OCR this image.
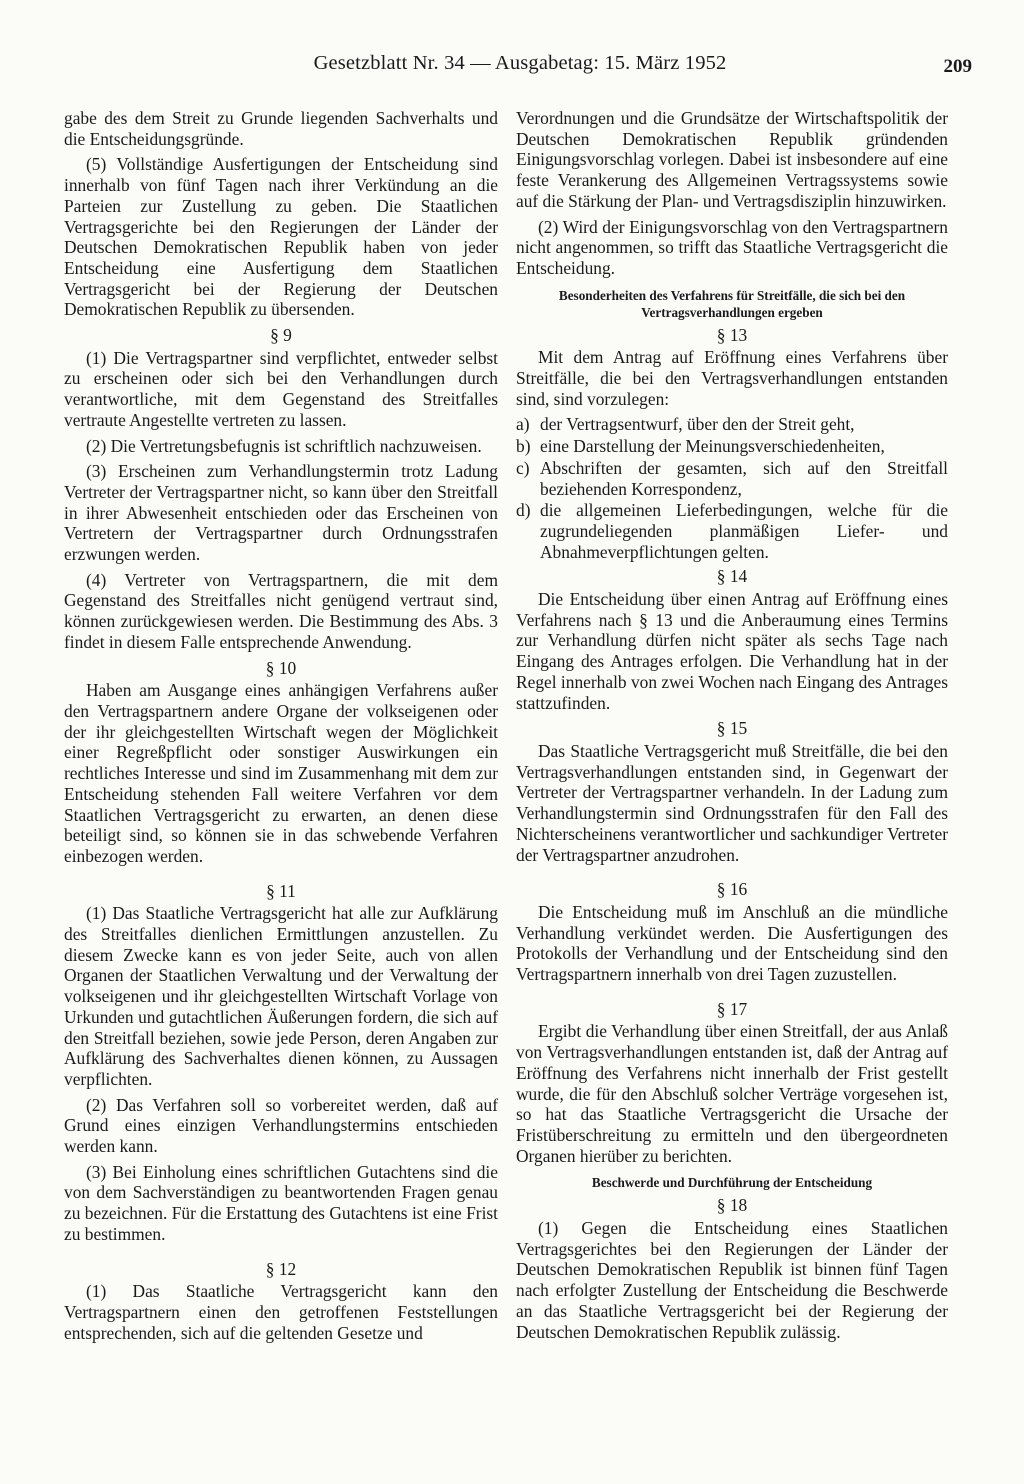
Gesetzblatt Nr. 34 — Ausgabetag: 15. März 1952	209

gabe des dem Streit zu Grunde liegenden Sachverhalts und die Entscheidungsgründe.

(5) Vollständige Ausfertigungen der Entscheidung sind innerhalb von fünf Tagen nach ihrer Verkündung an die Parteien zur Zustellung zu geben. Die Staatlichen Vertragsgerichte bei den Regierungen der Länder der Deutschen Demokratischen Republik haben von jeder Entscheidung eine Ausfertigung dem Staatlichen Vertragsgericht bei der Regierung der Deutschen Demokratischen Republik zu übersenden.

§ 9

(1) Die Vertragspartner sind verpflichtet, entweder selbst zu erscheinen oder sich bei den Verhandlungen durch verantwortliche, mit dem Gegenstand des Streitfalles vertraute Angestellte vertreten zu lassen.

(2) Die Vertretungsbefugnis ist schriftlich nachzuweisen.

(3) Erscheinen zum Verhandlungstermin trotz Ladung Vertreter der Vertragspartner nicht, so kann über den Streitfall in ihrer Abwesenheit entschieden oder das Erscheinen von Vertretern der Vertragspartner durch Ordnungsstrafen erzwungen werden.

(4) Vertreter von Vertragspartnern, die mit dem Gegenstand des Streitfalles nicht genügend vertraut sind, können zurückgewiesen werden. Die Bestimmung des Abs. 3 findet in diesem Falle entsprechende Anwendung.

§ 10

Haben am Ausgange eines anhängigen Verfahrens außer den Vertragspartnern andere Organe der volkseigenen oder der ihr gleichgestellten Wirtschaft wegen der Möglichkeit einer Regreßpflicht oder sonstiger Auswirkungen ein rechtliches Interesse und sind im Zusammenhang mit dem zur Entscheidung stehenden Fall weitere Verfahren vor dem Staatlichen Vertragsgericht zu erwarten, an denen diese beteiligt sind, so können sie in das schwebende Verfahren einbezogen werden.

§ 11

(1) Das Staatliche Vertragsgericht hat alle zur Aufklärung des Streitfalles dienlichen Ermittlungen anzustellen. Zu diesem Zwecke kann es von jeder Seite, auch von allen Organen der Staatlichen Verwaltung und der Verwaltung der volkseigenen und ihr gleichgestellten Wirtschaft Vorlage von Urkunden und gutachtlichen Äußerungen fordern, die sich auf den Streitfall beziehen, sowie jede Person, deren Angaben zur Aufklärung des Sachverhaltes dienen können, zu Aussagen verpflichten.

(2) Das Verfahren soll so vorbereitet werden, daß auf Grund eines einzigen Verhandlungstermins entschieden werden kann.

(3) Bei Einholung eines schriftlichen Gutachtens sind die von dem Sachverständigen zu beantwortenden Fragen genau zu bezeichnen. Für die Erstattung des Gutachtens ist eine Frist zu bestimmen.

§ 12

(1) Das Staatliche Vertragsgericht kann den Vertragspartnern einen den getroffenen Feststellungen entsprechenden, sich auf die geltenden Gesetze und

Verordnungen und die Grundsätze der Wirtschaftspolitik der Deutschen Demokratischen Republik gründenden Einigungsvorschlag vorlegen. Dabei ist insbesondere auf eine feste Verankerung des Allgemeinen Vertragssystems sowie auf die Stärkung der Plan- und Vertragsdisziplin hinzuwirken.

(2) Wird der Einigungsvorschlag von den Vertragspartnern nicht angenommen, so trifft das Staatliche Vertragsgericht die Entscheidung.

Besonderheiten des Verfahrens für Streitfälle, die sich bei den Vertragsverhandlungen ergeben

§ 13

Mit dem Antrag auf Eröffnung eines Verfahrens über Streitfälle, die bei den Vertragsverhandlungen entstanden sind, sind vorzulegen:

a) der Vertragsentwurf, über den der Streit geht,
b) eine Darstellung der Meinungsverschiedenheiten,
c) Abschriften der gesamten, sich auf den Streitfall beziehenden Korrespondenz,
d) die allgemeinen Lieferbedingungen, welche für die zugrundeliegenden planmäßigen Liefer- und Abnahmeverpflichtungen gelten.

§ 14

Die Entscheidung über einen Antrag auf Eröffnung eines Verfahrens nach § 13 und die Anberaumung eines Termins zur Verhandlung dürfen nicht später als sechs Tage nach Eingang des Antrages erfolgen. Die Verhandlung hat in der Regel innerhalb von zwei Wochen nach Eingang des Antrages stattzufinden.

§ 15

Das Staatliche Vertragsgericht muß Streitfälle, die bei den Vertragsverhandlungen entstanden sind, in Gegenwart der Vertreter der Vertragspartner verhandeln. In der Ladung zum Verhandlungstermin sind Ordnungsstrafen für den Fall des Nichterscheinens verantwortlicher und sachkundiger Vertreter der Vertragspartner anzudrohen.

§ 16

Die Entscheidung muß im Anschluß an die mündliche Verhandlung verkündet werden. Die Ausfertigungen des Protokolls der Verhandlung und der Entscheidung sind den Vertragspartnern innerhalb von drei Tagen zuzustellen.

§ 17

Ergibt die Verhandlung über einen Streitfall, der aus Anlaß von Vertragsverhandlungen entstanden ist, daß der Antrag auf Eröffnung des Verfahrens nicht innerhalb der Frist gestellt wurde, die für den Abschluß solcher Verträge vorgesehen ist, so hat das Staatliche Vertragsgericht die Ursache der Fristüberschreitung zu ermitteln und den übergeordneten Organen hierüber zu berichten.

Beschwerde und Durchführung der Entscheidung

§ 18

(1) Gegen die Entscheidung eines Staatlichen Vertragsgerichtes bei den Regierungen der Länder der Deutschen Demokratischen Republik ist binnen fünf Tagen nach erfolgter Zustellung der Entscheidung die Beschwerde an das Staatliche Vertragsgericht bei der Regierung der Deutschen Demokratischen Republik zulässig.
